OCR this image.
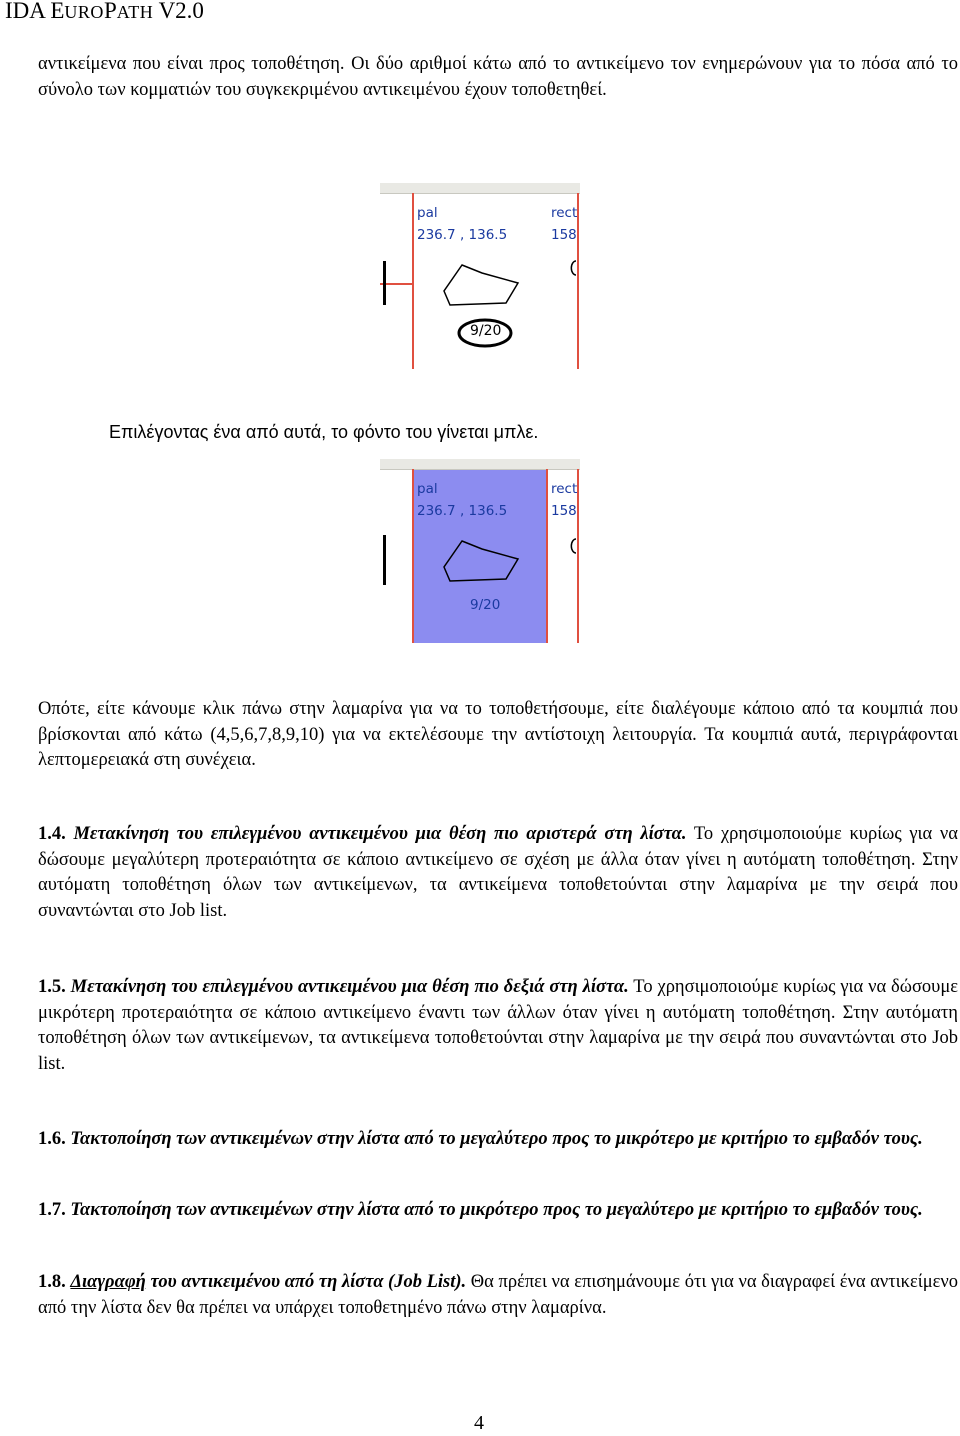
IDA EUROPATH V2.0

αντικείμενα που είναι προς τοποθέτηση. Οι δύο αριθμοί κάτω από το αντικείμενο τον ενημερώνουν για το πόσα από το σύνολο των κομματιών του συγκεκριμένου αντικειμένου έχουν τοποθετηθεί.

pal
236.7 , 136.5
rect
158
9/20
Επιλέγοντας ένα από αυτά, το φόντο του γίνεται μπλε.
pal
236.7 , 136.5
rect
158
9/20

Οπότε, είτε κάνουμε κλικ πάνω στην λαμαρίνα για να το τοποθετήσουμε, είτε διαλέγουμε κάποιο από τα κουμπιά που βρίσκονται από κάτω (4,5,6,7,8,9,10) για να εκτελέσουμε την αντίστοιχη λειτουργία. Τα κουμπιά αυτά, περιγράφονται λεπτομερειακά στη συνέχεια.

1.4. Μετακίνηση του επιλεγμένου αντικειμένου μια θέση πιο αριστερά στη λίστα. Το χρησιμοποιούμε κυρίως για να δώσουμε μεγαλύτερη προτεραιότητα σε κάποιο αντικείμενο σε σχέση με άλλα όταν γίνει η αυτόματη τοποθέτηση. Στην αυτόματη τοποθέτηση όλων των αντικείμενων, τα αντικείμενα τοποθετούνται στην λαμαρίνα με την σειρά που συναντώνται στο Job list.

1.5. Μετακίνηση του επιλεγμένου αντικειμένου μια θέση πιο δεξιά στη λίστα. Το χρησιμοποιούμε κυρίως για να δώσουμε μικρότερη προτεραιότητα σε κάποιο αντικείμενο έναντι των άλλων όταν γίνει η αυτόματη τοποθέτηση. Στην αυτόματη τοποθέτηση όλων των αντικείμενων, τα αντικείμενα τοποθετούνται στην λαμαρίνα με την σειρά που συναντώνται στο Job list.

1.6. Τακτοποίηση των αντικειμένων στην λίστα από το μεγαλύτερο προς το μικρότερο με κριτήριο το εμβαδόν τους.

1.7. Τακτοποίηση των αντικειμένων στην λίστα από το μικρότερο προς το μεγαλύτερο με κριτήριο το εμβαδόν τους.

1.8. Διαγραφή του αντικειμένου από τη λίστα (Job List). Θα πρέπει να επισημάνουμε ότι για να διαγραφεί ένα αντικείμενο από την λίστα δεν θα πρέπει να υπάρχει τοποθετημένο πάνω στην λαμαρίνα.

4
